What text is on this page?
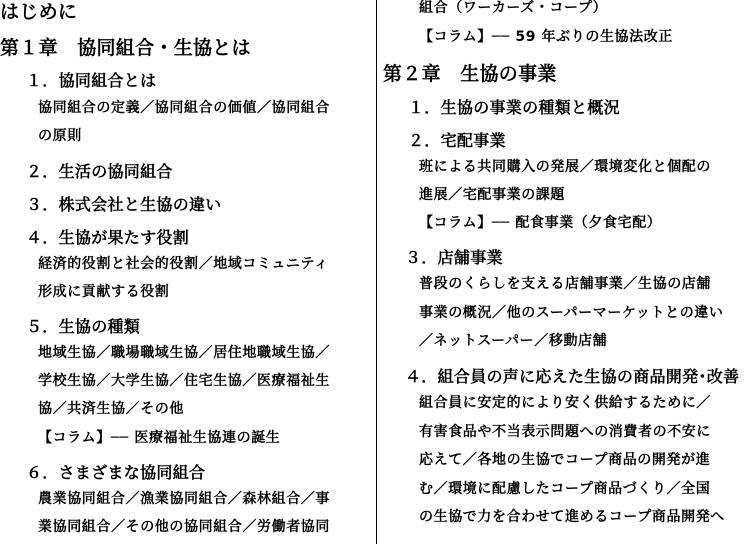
はじめに
第１章　協同組合・生協とは
１．協同組合とは
協同組合の定義／協同組合の価値／協同組合
の原則
２．生活の協同組合
３．株式会社と生協の違い
４．生協が果たす役割
経済的役割と社会的役割／地域コミュニティ
形成に貢献する役割
５．生協の種類
地域生協／職場職域生協／居住地職域生協／
学校生協／大学生協／住宅生協／医療福祉生
協／共済生協／その他
【コラム】── 医療福祉生協連の誕生
６．さまざまな協同組合
農業協同組合／漁業協同組合／森林組合／事
業協同組合／その他の協同組合／労働者協同
組合（ワーカーズ・コープ）
【コラム】── 59 年ぶりの生協法改正
第２章　生協の事業
１．生協の事業の種類と概況
２．宅配事業
班による共同購入の発展／環境変化と個配の
進展／宅配事業の課題
【コラム】── 配食事業（夕食宅配）
３．店舗事業
普段のくらしを支える店舗事業／生協の店舗
事業の概況／他のスーパーマーケットとの違い
／ネットスーパー／移動店舗
４．組合員の声に応えた生協の商品開発･改善
組合員に安定的により安く供給するために／
有害食品や不当表示問題への消費者の不安に
応えて／各地の生協でコープ商品の開発が進
む／環境に配慮したコープ商品づくり／全国
の生協で力を合わせて進めるコープ商品開発へ
